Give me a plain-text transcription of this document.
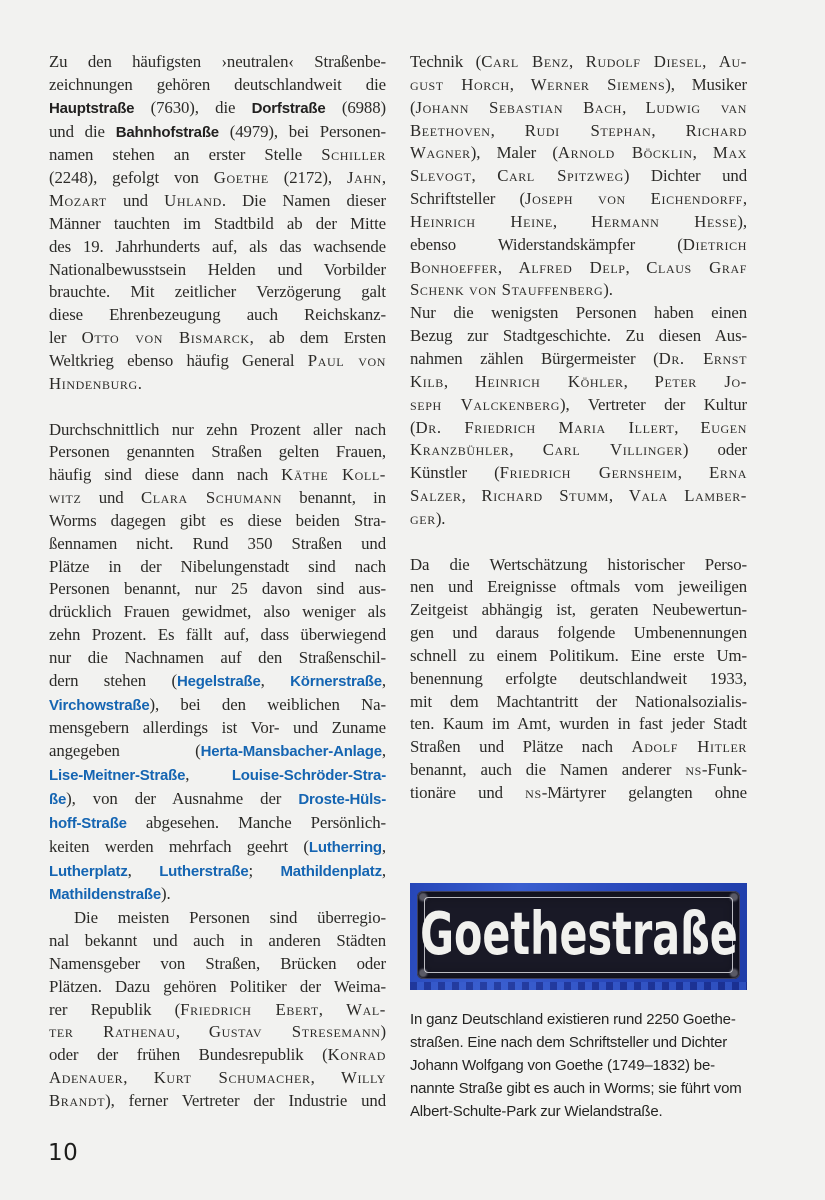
Zu den häufigsten ›neutralen‹ Straßenbe-
zeichnungen gehören deutschlandweit die
Hauptstraße (7630), die Dorfstraße (6988)
und die Bahnhofstraße (4979), bei Personen-
namen stehen an erster Stelle Schiller
(2248), gefolgt von Goethe (2172), Jahn,
Mozart und Uhland. Die Namen dieser
Männer tauchten im Stadtbild ab der Mitte
des 19. Jahrhunderts auf, als das wachsende
Nationalbewusstsein Helden und Vorbilder
brauchte. Mit zeitlicher Verzögerung galt
diese Ehrenbezeugung auch Reichskanz-
ler Otto von Bismarck, ab dem Ersten
Weltkrieg ebenso häufig General Paul von
Hindenburg.
Durchschnittlich nur zehn Prozent aller nach
Personen genannten Straßen gelten Frauen,
häufig sind diese dann nach Käthe Koll-
witz und Clara Schumann benannt, in
Worms dagegen gibt es diese beiden Stra-
ßennamen nicht. Rund 350 Straßen und
Plätze in der Nibelungenstadt sind nach
Personen benannt, nur 25 davon sind aus-
drücklich Frauen gewidmet, also weniger als
zehn Prozent. Es fällt auf, dass überwiegend
nur die Nachnamen auf den Straßenschil-
dern stehen (Hegelstraße, Körnerstraße,
Virchowstraße), bei den weiblichen Na-
mensgebern allerdings ist Vor- und Zuname
angegeben (Herta-Mansbacher-Anlage,
Lise-Meitner-Straße, Louise-Schröder-Stra-
ße), von der Ausnahme der Droste-Hüls-
hoff-Straße abgesehen. Manche Persönlich-
keiten werden mehrfach geehrt (Lutherring,
Lutherplatz, Lutherstraße; Mathildenplatz,
Mathildenstraße).
Die meisten Personen sind überregio-
nal bekannt und auch in anderen Städten
Namensgeber von Straßen, Brücken oder
Plätzen. Dazu gehören Politiker der Weima-
rer Republik (Friedrich Ebert, Wal-
ter Rathenau, Gustav Stresemann)
oder der frühen Bundesrepublik (Konrad
Adenauer, Kurt Schumacher, Willy
Brandt), ferner Vertreter der Industrie und
Technik (Carl Benz, Rudolf Diesel, Au-
gust Horch, Werner Siemens), Musiker
(Johann Sebastian Bach, Ludwig van
Beethoven, Rudi Stephan, Richard
Wagner), Maler (Arnold Böcklin, Max
Slevogt, Carl Spitzweg) Dichter und
Schriftsteller (Joseph von Eichendorff,
Heinrich Heine, Hermann Hesse),
ebenso Widerstandskämpfer (Dietrich
Bonhoeffer, Alfred Delp, Claus Graf
Schenk von Stauffenberg).
Nur die wenigsten Personen haben einen
Bezug zur Stadtgeschichte. Zu diesen Aus-
nahmen zählen Bürgermeister (Dr. Ernst
Kilb, Heinrich Köhler, Peter Jo-
seph Valckenberg), Vertreter der Kultur
(Dr. Friedrich Maria Illert, Eugen
Kranzbühler, Carl Villinger) oder
Künstler (Friedrich Gernsheim, Erna
Salzer, Richard Stumm, Vala Lamber-
ger).
Da die Wertschätzung historischer Perso-
nen und Ereignisse oftmals vom jeweiligen
Zeitgeist abhängig ist, geraten Neubewertun-
gen und daraus folgende Umbenennungen
schnell zu einem Politikum. Eine erste Um-
benennung erfolgte deutschlandweit 1933,
mit dem Machtantritt der Nationalsozialis-
ten. Kaum im Amt, wurden in fast jeder Stadt
Straßen und Plätze nach Adolf Hitler
benannt, auch die Namen anderer ns-Funk-
tionäre und ns-Märtyrer gelangten ohne
Goethestraße
In ganz Deutschland existieren rund 2250 Goethe-
straßen. Eine nach dem Schriftsteller und Dichter
Johann Wolfgang von Goethe (1749–1832) be-
nannte Straße gibt es auch in Worms; sie führt vom
Albert-Schulte-Park zur Wielandstraße.
10
